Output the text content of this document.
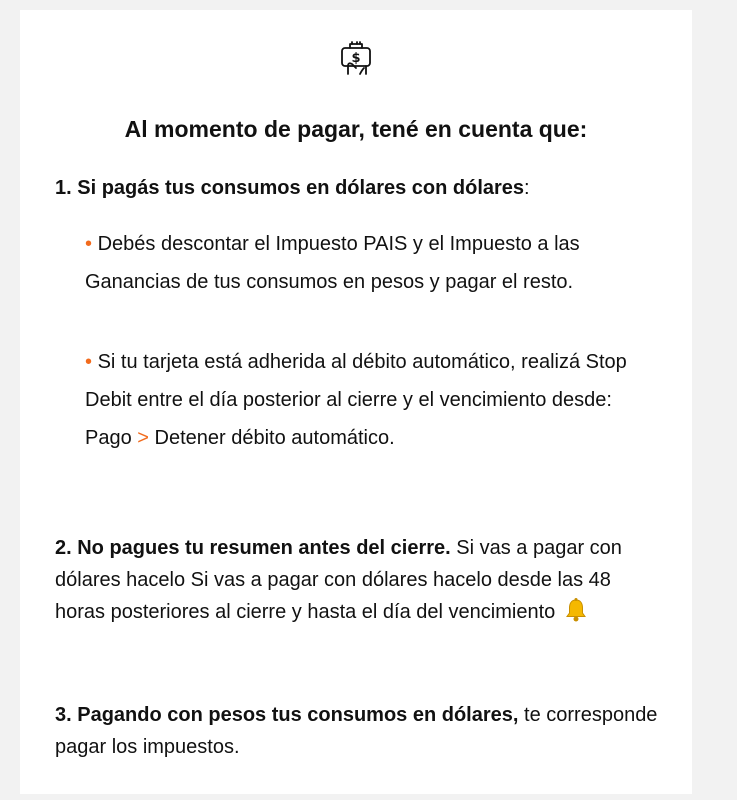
$
Al momento de pagar, tené en cuenta que:

1. Si pagás tus consumos en dólares con dólares:

• Debés descontar el Impuesto PAIS y el Impuesto a las Ganancias de tus consumos en pesos y pagar el resto.

• Si tu tarjeta está adherida al débito automático, realizá Stop Debit entre el día posterior al cierre y el vencimiento desde: Pago > Detener débito automático.

2. No pagues tu resumen antes del cierre. Si vas a pagar con dólares hacelo Si vas a pagar con dólares hacelo desde las 48 horas posteriores al cierre y hasta el día del vencimiento

3. Pagando con pesos tus consumos en dólares, te corresponde pagar los impuestos.
